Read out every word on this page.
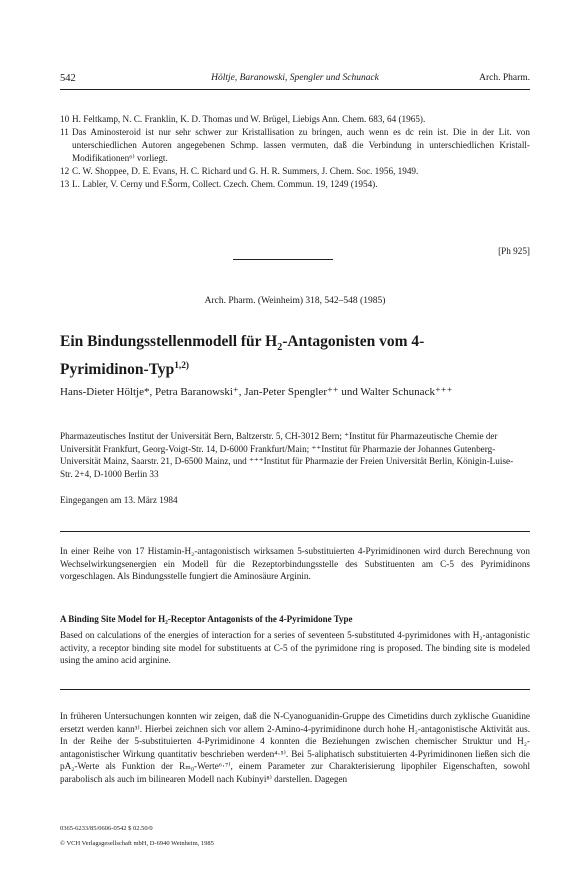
542	Höltje, Baranowski, Spengler und Schunack	Arch. Pharm.
10 H. Feltkamp, N. C. Franklin, K. D. Thomas und W. Brügel, Liebigs Ann. Chem. 683, 64 (1965).
11 Das Aminosteroid ist nur sehr schwer zur Kristallisation zu bringen, auch wenn es dc rein ist. Die in der Lit. von unterschiedlichen Autoren angegebenen Schmp. lassen vermuten, daß die Verbindung in unterschiedlichen Kristall-Modifikationen⁶⁾ vorliegt.
12 C. W. Shoppee, D. E. Evans, H. C. Richard und G. H. R. Summers, J. Chem. Soc. 1956, 1949.
13 L. Labler, V. Cerny und F.Šorm, Collect. Czech. Chem. Commun. 19, 1249 (1954).
[Ph 925]
Arch. Pharm. (Weinheim) 318, 542–548 (1985)
Ein Bindungsstellenmodell für $H_2$-Antagonisten vom 4-Pyrimidinon-Typ$^{1,2)}$
Hans-Dieter Höltje*, Petra Baranowski⁺, Jan-Peter Spengler⁺⁺ und Walter Schunack⁺⁺⁺
Pharmazeutisches Institut der Universität Bern, Baltzerstr. 5, CH-3012 Bern; ⁺Institut für Pharmazeutische Chemie der Universität Frankfurt, Georg-Voigt-Str. 14, D-6000 Frankfurt/Main; ⁺⁺Institut für Pharmazie der Johannes Gutenberg-Universität Mainz, Saarstr. 21, D-6500 Mainz, und ⁺⁺⁺Institut für Pharmazie der Freien Universität Berlin, Königin-Luise-Str. 2+4, D-1000 Berlin 33
Eingegangen am 13. März 1984
In einer Reihe von 17 Histamin-H₂-antagonistisch wirksamen 5-substituierten 4-Pyrimidinonen wird durch Berechnung von Wechselwirkungsenergien ein Modell für die Rezeptorbindungsstelle des Substituenten am C-5 des Pyrimidinons vorgeschlagen. Als Bindungsstelle fungiert die Aminosäure Arginin.
A Binding Site Model for H₂-Receptor Antagonists of the 4-Pyrimidone Type
Based on calculations of the energies of interaction for a series of seventeen 5-substituted 4-pyrimidones with H₂-antagonistic activity, a receptor binding site model for substituents at C-5 of the pyrimidone ring is proposed. The binding site is modeled using the amino acid arginine.
In früheren Untersuchungen konnten wir zeigen, daß die N-Cyanoguanidin-Gruppe des Cimetidins durch zyklische Guanidine ersetzt werden kann³⁾. Hierbei zeichnen sich vor allem 2-Amino-4-pyrimidinone durch hohe H₂-antagonistische Aktivität aus. In der Reihe der 5-substituierten 4-Pyrimidinone 4 konnten die Beziehungen zwischen chemischer Struktur und H₂-antagonistischer Wirkung quantitativ beschrieben werden⁴·⁵⁾. Bei 5-aliphatisch substituierten 4-Pyrimidinonen ließen sich die pA₂-Werte als Funktion der Rₘ₀-Werte⁶·⁷⁾, einem Parameter zur Charakterisierung lipophiler Eigenschaften, sowohl parabolisch als auch im bilinearen Modell nach Kubinyi⁸⁾ darstellen. Dagegen
0365-6233/85/0606-0542 $ 02.50/0
© VCH Verlagsgesellschaft mbH, D-6940 Weinheim, 1985
